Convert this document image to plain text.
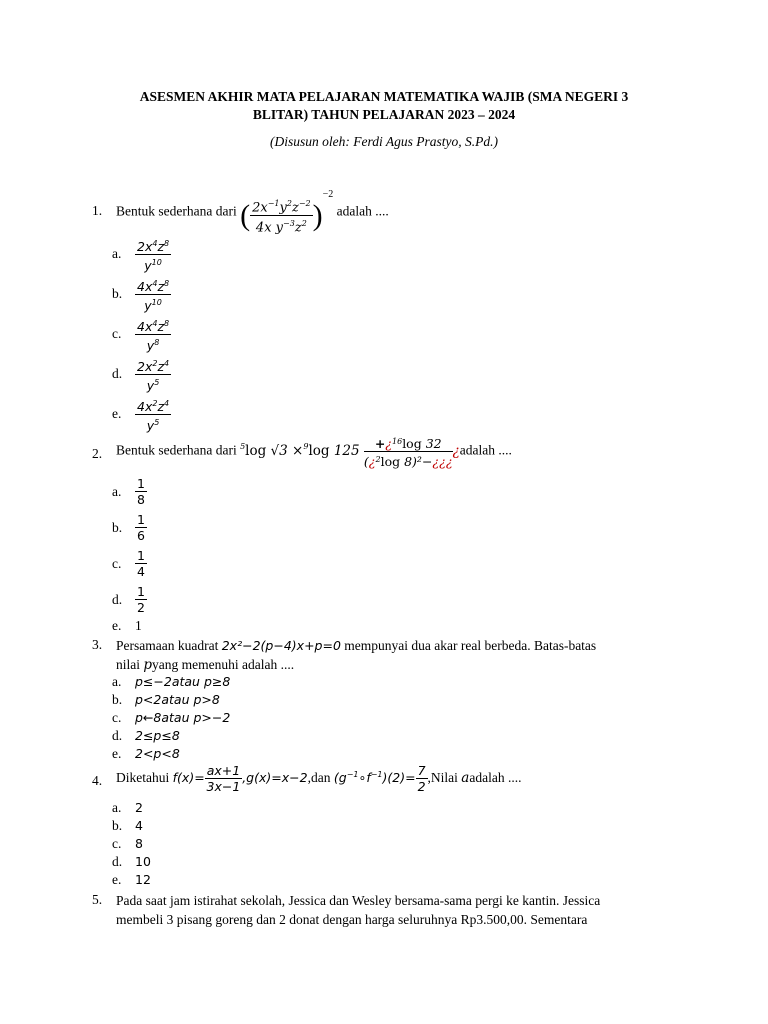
ASESMEN AKHIR MATA PELAJARAN MATEMATIKA WAJIB (SMA NEGERI 3
BLITAR) TAHUN PELAJARAN 2023 – 2024
(Disusun oleh: Ferdi Agus Prastyo, S.Pd.)
1. Bentuk sederhana dari ( $\frac{2x^{-1}y^2z^{-2}}{4x y^{-3}z^2} )^{-2}$ adalah ....
a. $\frac{2x^4z^8}{y^{10}}$
b. $\frac{4x^4z^8}{y^{10}}$
c. $\frac{4x^4z^8}{y^8}$
d. $\frac{2x^2z^4}{y^5}$
e. $\frac{4x^2z^4}{y^5}$
2. Bentuk sederhana dari $^5$log √3 ×$^9$log $125 \frac{+¿^{16}\log 32}{(¿^2\log 8)^2-¿¿¿}$ ¿adalah ....
a. $\frac{1}{8}$
b. $\frac{1}{6}$
c. $\frac{1}{4}$
d. $\frac{1}{2}$
e. 1
3. Persamaan kuadrat 2x²−2(p−4)x+p=0 mempunyai dua akar real berbeda. Batas-batas
nilai pyang memenuhi adalah ....
a. p≤−2atau p≥8
b. p<2atau p>8
c. p←8atau p>−2
d. 2≤p≤8
e. 2<p<8
4. Diketahui $f(x)= \frac{ax+1}{3x-1} ,g(x)=x-2,dan$ $(g^{-1}\circ f^{-1})(2)= \frac{7}{2}$ ,Nilai aadalah ....
a. 2
b. 4
c. 8
d. 10
e. 12
5. Pada saat jam istirahat sekolah, Jessica dan Wesley bersama-sama pergi ke kantin. Jessica
membeli 3 pisang goreng dan 2 donat dengan harga seluruhnya Rp3.500,00. Sementara
